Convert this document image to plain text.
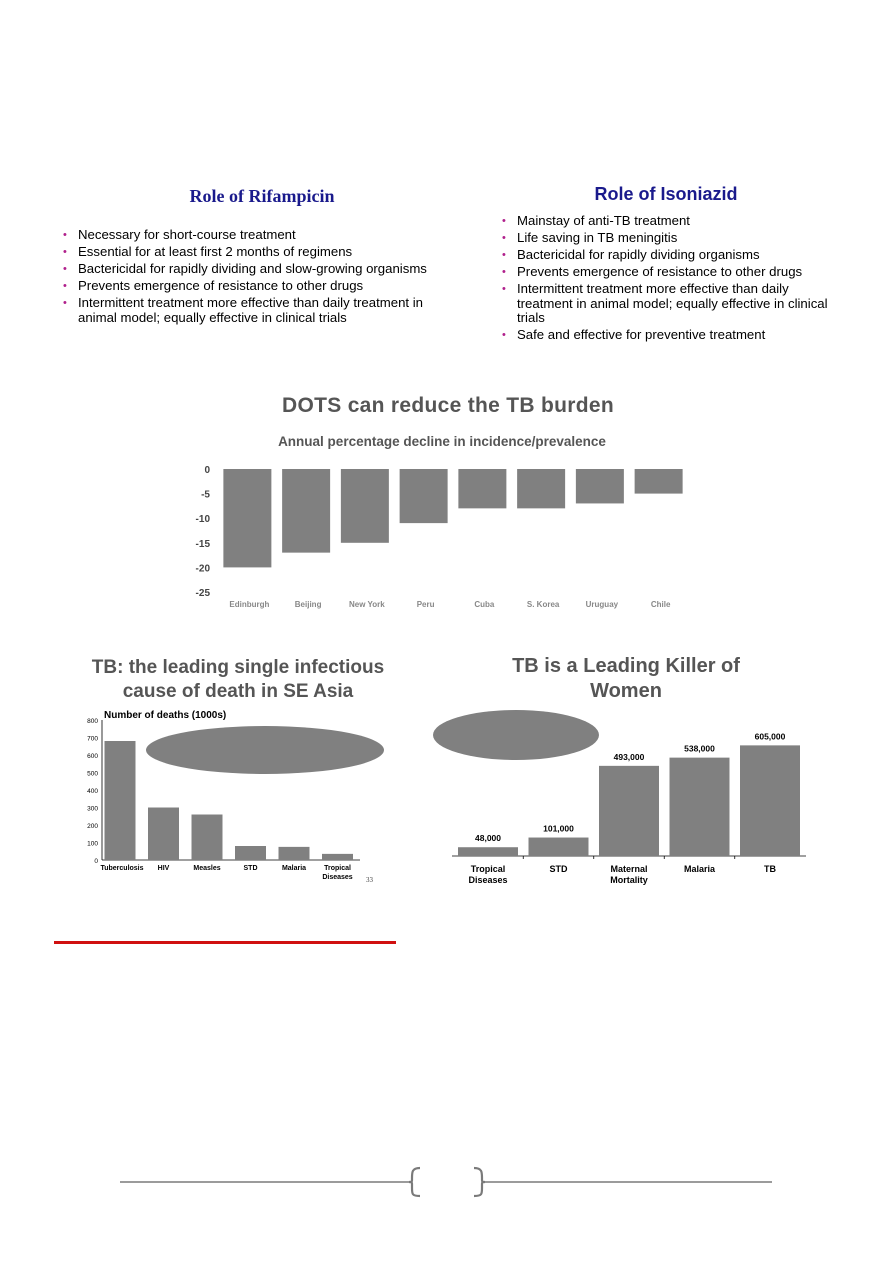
Role of Rifampicin
• Necessary for short-course treatment
• Essential for at least first 2 months of regimens
• Bactericidal for rapidly dividing and slow-growing organisms
• Prevents emergence of resistance to other drugs
• Intermittent treatment more effective than daily treatment in animal model; equally effective in clinical trials
Role of Isoniazid
• Mainstay of anti-TB treatment
• Life saving in TB meningitis
• Bactericidal for rapidly dividing organisms
• Prevents emergence of resistance to other drugs
• Intermittent treatment more effective than daily treatment in animal model; equally effective in clinical trials
• Safe and effective for preventive treatment
DOTS can reduce the TB burden
Annual percentage decline in incidence/prevalence
0
-5
-10
-15
-20
-25
Edinburgh	Beijing	New York	Peru	Cuba	S. Korea	Uruguay	Chile
TB: the leading single infectious
cause of death in SE Asia
Number of deaths (1000s)
0
100
200
300
400
500
600
700
800
Tuberculosis HIV	Measles	STD	Malaria	Tropical
Diseases 33
TB is a Leading Killer of
Women
48,000
Tropical
Diseases
101,000
STD
493,000
Maternal
Mortality
538,000
Malaria
605,000
TB
